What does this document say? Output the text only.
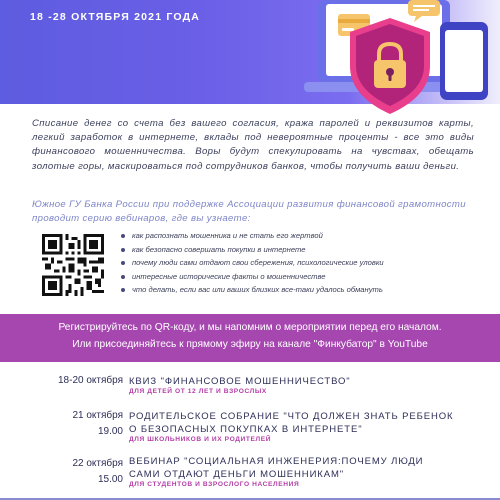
18 -28 ОКТЯБРЯ 2021 ГОДА
Списание денег со счета без вашего согласия, кража паролей и реквизитов карты, легкий заработок в интернете, вклады под невероятные проценты - все это виды финансового мошенничества. Воры будут спекулировать на чувствах, обещать золотые горы, маскироваться под сотрудников банков, чтобы получить ваши деньги.
Южное ГУ Банка России при поддержке Ассоциации развития финансовой грамотности проводит серию вебинаров, где вы узнаете:
как распознать мошенника и не стать его жертвой
как безопасно совершать покупки в интернете
почему люди сами отдают свои сбережения, психологические уловки
интересные исторические факты о мошенничестве
что делать, если вас или ваших близких все-таки удалось обмануть
Регистрируйтесь по QR-коду, и мы напомним о мероприятии перед его началом.
Или присоединяйтесь к прямому эфиру на канале "Финкубатор" в YouTube
18-20 октября КВИЗ "ФИНАНСОВОЕ МОШЕННИЧЕСТВО"
ДЛЯ ДЕТЕЙ ОТ 12 ЛЕТ И ВЗРОСЛЫХ
21 октября
19.00
РОДИТЕЛЬСКОЕ СОБРАНИЕ "ЧТО ДОЛЖЕН ЗНАТЬ РЕБЕНОК
О БЕЗОПАСНЫХ ПОКУПКАХ В ИНТЕРНЕТЕ"
ДЛЯ ШКОЛЬНИКОВ И ИХ РОДИТЕЛЕЙ
22 октября
15.00
ВЕБИНАР "СОЦИАЛЬНАЯ ИНЖЕНЕРИЯ:ПОЧЕМУ ЛЮДИ
САМИ ОТДАЮТ ДЕНЬГИ МОШЕННИКАМ"
ДЛЯ СТУДЕНТОВ И ВЗРОСЛОГО НАСЕЛЕНИЯ
